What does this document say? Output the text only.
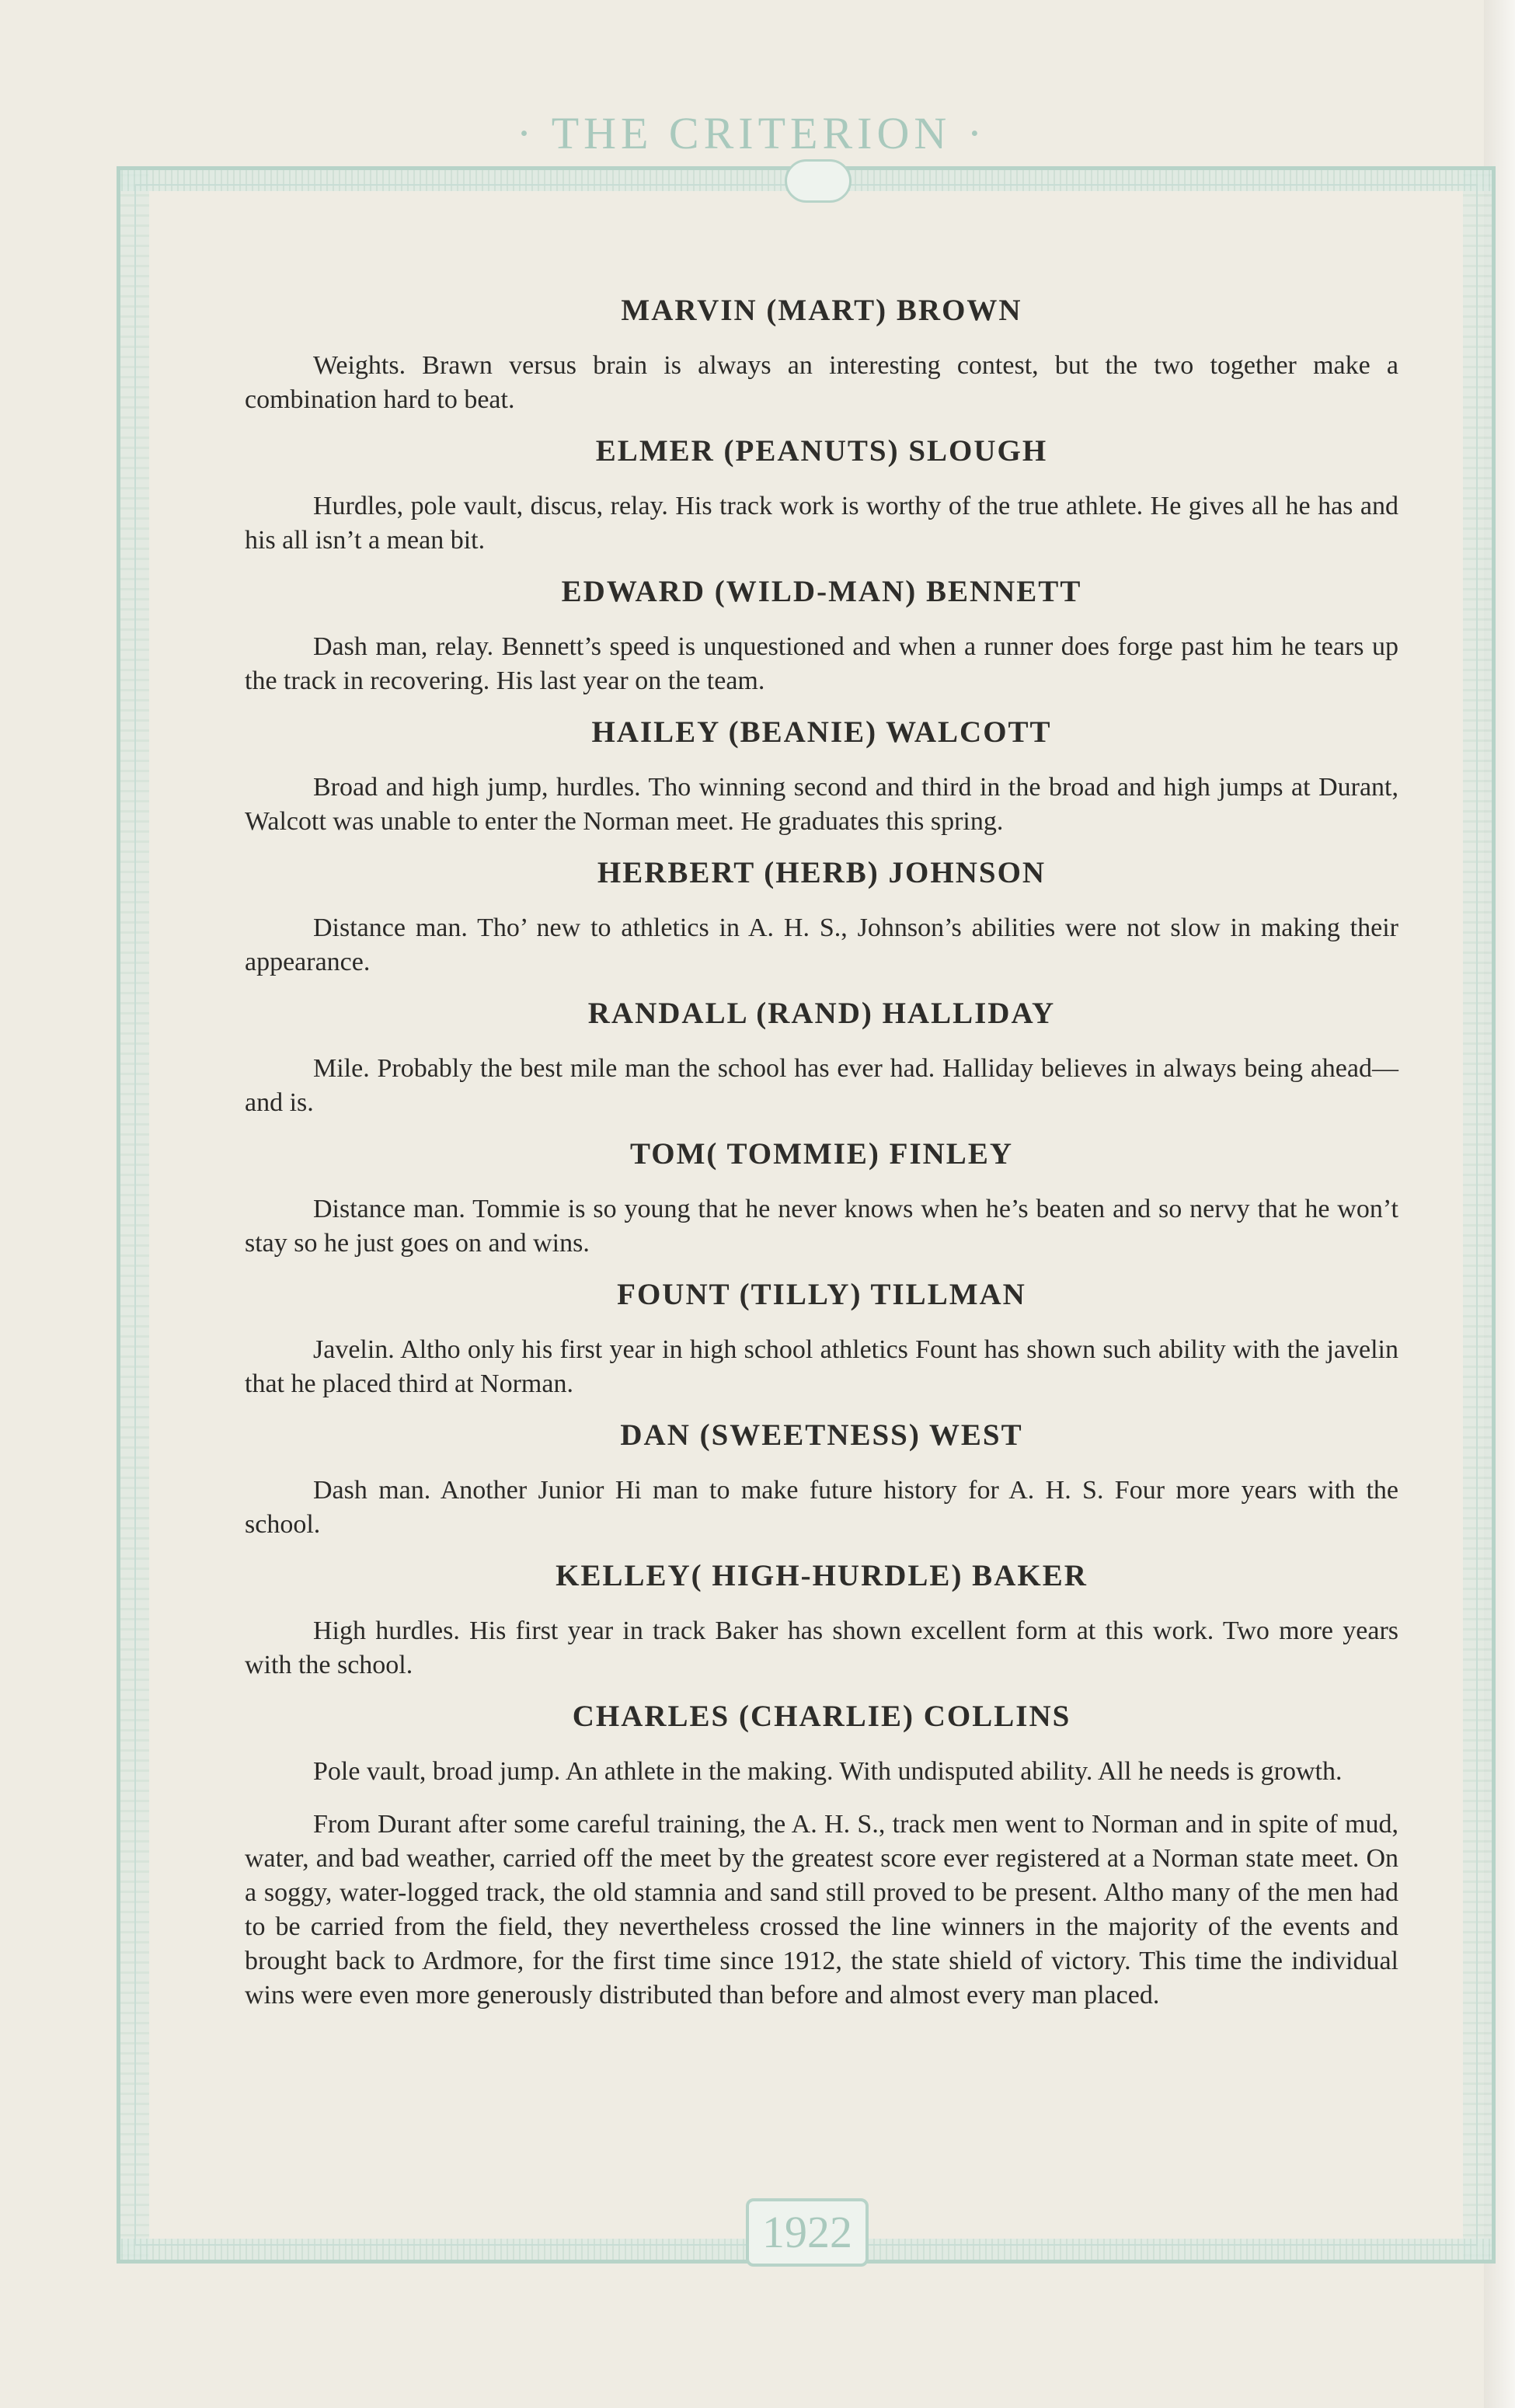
· THE CRITERION ·
MARVIN (MART) BROWN

Weights. Brawn versus brain is always an interesting contest, but the two together make a combination hard to beat.

ELMER (PEANUTS) SLOUGH

Hurdles, pole vault, discus, relay. His track work is worthy of the true athlete. He gives all he has and his all isn’t a mean bit.

EDWARD (WILD-MAN) BENNETT

Dash man, relay. Bennett’s speed is unquestioned and when a runner does forge past him he tears up the track in recovering. His last year on the team.

HAILEY (BEANIE) WALCOTT

Broad and high jump, hurdles. Tho winning second and third in the broad and high jumps at Durant, Walcott was unable to enter the Norman meet. He graduates this spring.

HERBERT (HERB) JOHNSON

Distance man. Tho’ new to athletics in A. H. S., Johnson’s abilities were not slow in making their appearance.

RANDALL (RAND) HALLIDAY

Mile. Probably the best mile man the school has ever had. Halliday believes in always being ahead—and is.

TOM( TOMMIE) FINLEY

Distance man. Tommie is so young that he never knows when he’s beaten and so nervy that he won’t stay so he just goes on and wins.

FOUNT (TILLY) TILLMAN

Javelin. Altho only his first year in high school athletics Fount has shown such ability with the javelin that he placed third at Norman.

DAN (SWEETNESS) WEST

Dash man. Another Junior Hi man to make future history for A. H. S. Four more years with the school.

KELLEY( HIGH-HURDLE) BAKER

High hurdles. His first year in track Baker has shown excellent form at this work. Two more years with the school.

CHARLES (CHARLIE) COLLINS

Pole vault, broad jump. An athlete in the making. With undisputed ability. All he needs is growth.

From Durant after some careful training, the A. H. S., track men went to Norman and in spite of mud, water, and bad weather, carried off the meet by the greatest score ever registered at a Norman state meet. On a soggy, water-logged track, the old stamnia and sand still proved to be present. Altho many of the men had to be carried from the field, they nevertheless crossed the line winners in the majority of the events and brought back to Ardmore, for the first time since 1912, the state shield of victory. This time the individual wins were even more generously distributed than before and almost every man placed.

1922
